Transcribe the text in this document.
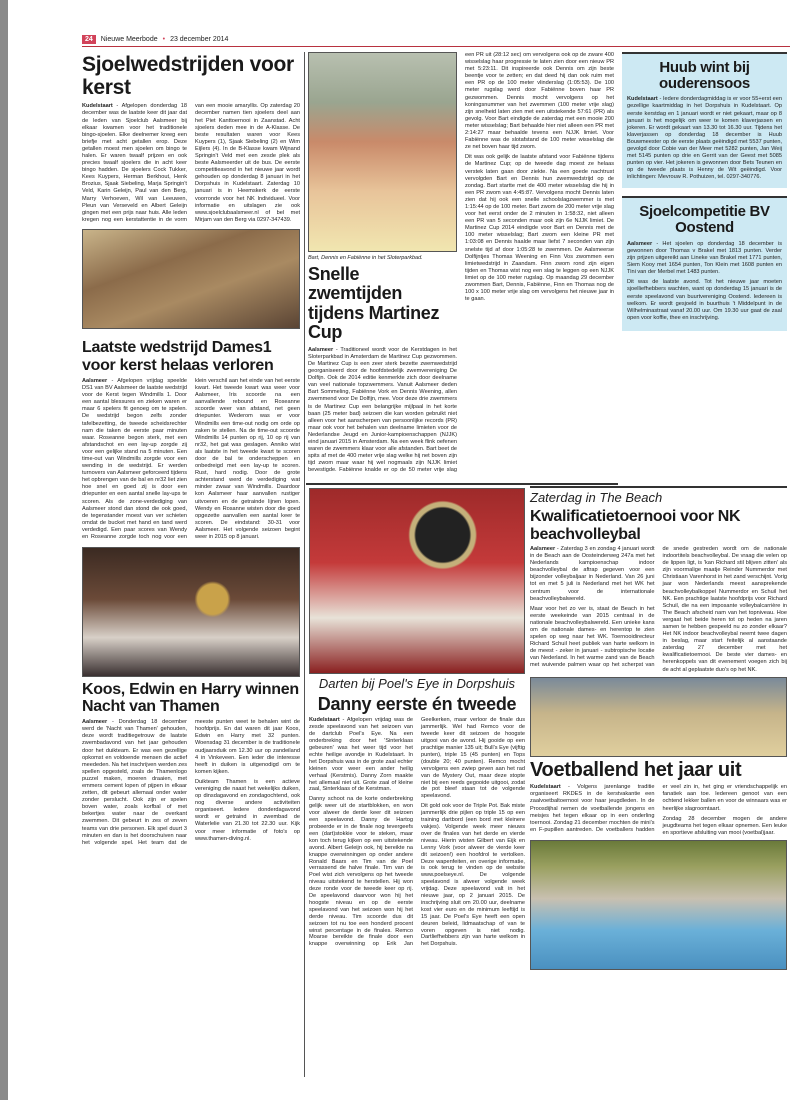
24	Nieuwe Meerbode • 23 december 2014
Sjoelwedstrijden voor kerst

Kudelstaart - Afgelopen donderdag 18 december was de laatste keer dit jaar dat de leden van Sjoelclub Aalsmeer bij elkaar kwamen voor het traditionele bingo-sjoelen. Elke deelnemer kreeg een briefje met acht getallen erop. Deze getallen moest men sjoelen om bingo te halen. Er waren twaalf prijzen en ook precies twaalf sjoelers die in acht keer bingo hadden. De sjoelers Cock Tukker, Kees Kuypers, Herman Berkhout, Henk Brozius, Sjaak Siebeling, Marja Springin't Veld, Karin Geleijn, Paul van den Berg, Marry Verhoeven, Wil van Leeuwen, Pleun van Verseveld en Albert Geleijn gingen met een prijs naar huis. Alle leden kregen nog een kerstattentie in de vorm van een mooie amaryllis. Op zaterdag 20 december namen tien sjoelers deel aan het Piet Kanttoernooi in Zaanstad. Acht sjoelers deden mee in de A-Klasse. De beste resultaten waren voor Kees Kuypers (1), Sjaak Siebeling (2) en Wim Eijlers (4). In de B-Klasse kwam Wijnand Springin't Veld met een zesde plek als beste Aalsmeerder uit de bus. De eerste competitieavond in het nieuwe jaar wordt gehouden op donderdag 8 januari in het Dorpshuis in Kudelstaart. Zaterdag 10 januari is in Heemskerk de eerste voorronde voor het NK Individueel. Voor informatie en uitslagen zie ook www.sjoelclubaalsmeer.nl of bel met Mirjam van den Berg via 0297-347439.

Laatste wedstrijd Dames1 voor kerst helaas verloren

Aalsmeer - Afgelopen vrijdag speelde DS1 van BV Aalsmeer de laatste wedstrijd voor de Kerst tegen Windmills 1. Door een aantal blessures en zieken waren er maar 6 spelers fit genoeg om te spelen. De wedstrijd begon zelfs zonder tafelbezetting, de tweede scheidsrechter nam die taken de eerste paar minuten waar. Roseanne begon sterk, met een afstandschot en een lay-up zorgde zij voor een gelijke stand na 5 minuten. Een time-out van Windmills zorgde voor een wending in de wedstrijd. Er werden turnovers van Aalsmeer geforceerd tijdens het opbrengen van de bal en nr32 liet zien hoe snel en goed zij is door een driepunter en een aantal snelle lay-ups te scoren. Als de zone-verdediging van Aalsmeer stond dan stond die ook goed, de tegenstander moest van ver schieten omdat de bucket met hand en tand werd verdedigd. Een paar scores van Wendy en Roseanne zorgde toch nog voor een klein verschil aan het einde van het eerste kwart. Het tweede kwart was weer voor Aalsmeer, Iris scoorde na een aanvallende rebound en Roseanne scoorde weer van afstand, net geen driepunter. Wederom was er voor Windmills een time-out nodig om orde op zaken te stellen. Na de time-out scoorde Windmills 14 punten op rij, 10 op rij van nr32, het gat was geslagen. Anniko wist als laatste in het tweede kwart te scoren door de bal te onderscheppen en onbedreigd met een lay-up te scoren. Rust, hard nodig. Door de grote achterstand werd de verdediging wat minder zwaar van Windmills. Daardoor kon Aalsmeer haar aanvallen rustiger uitvoeren en de getrainde lijnen lopen. Wendy en Rosanne wisten door die goed opgezette aanvallen een aantal keer te scoren. De eindstand: 30-31 voor Aalsmeer. Het volgende seizoen begint weer in 2015 op 8 januari.

Koos, Edwin en Harry winnen Nacht van Thamen

Aalsmeer - Donderdag 18 december werd de 'Nacht van Thamen' gehouden, deze wordt traditiegetrouw de laatste zwembadavond van het jaar gehouden door het duikteam. Er was een gezellige opkomst en voldoende mensen die actief meededen. Na het inschrijven werden zes spellen opgesteld, zoals de Thamenlogo puzzel maken, moeren draaien, met emmers cement lopen of pijpen in elkaar zetten, dit gebeurt allemaal onder water zonder perslucht. Ook zijn er spelen boven water, zoals korfbal of met bekertjes water naar de overkant zwemmen. Dit gebeurt in zes of zeven teams van drie personen. Elk spel duurt 3 minuten en dan is het doorschuiven naar het volgende spel. Het team dat de meeste punten weet te behalen wint de hoofdprijs. En dat waren dit jaar Koos, Edwin en Harry met 32 punten. Woensdag 31 december is de traditionele oudjaarsduik om 12.30 uur op zandeiland 4 in Vinkeveen. Een ieder die interesse heeft in duiken is uitgenodigd om te komen kijken.

Duikteam Thamen is een actieve vereniging die naast het wekelijks duiken, op dinsdagavond en zondagochtend, ook nog diverse andere activiteiten organiseert. Iedere donderdagavond wordt er getraind in zwembad de Waterlelie van 21.30 tot 22.30 uur. Kijk voor meer informatie of foto's op www.thamen-diving.nl.

Bart, Dennis en Fabiënne in het Sloterparkbad.
Snelle zwemtijden tijdens Martinez Cup

Aalsmeer - Traditioneel wordt voor de Kerstdagen in het Sloterparkbad in Amsterdam de Martinez Cup gezwommen. De Martinez Cup is een zeer sterk bezette zwemwedstrijd georganiseerd door de hoofdstedelijk zwemvereniging De Dolfijn. Ook de 2014 editie kenmerkte zich door deelname van veel nationale topzwemmers. Vanuit Aalsmeer deden Bart Sommeling, Fabiënne Vork en Dennis Weening, allen zwemmend voor De Dolfijn, mee. Voor deze drie zwemmers is de Martinez Cup een belangrijke mijlpaal in het korte baan (25 meter bad) seizoen die kan worden gebruikt niet alleen voor het aanscherpen van persoonlijke records (PR) maar ook voor het behalen van deelname limieten voor de Nederlandse Jeugd en Junior-kampioenschappen (NJJK) eind januari 2015 in Amsterdam. Na een week flink oefenen waren de zwemmers klaar voor alle afstanden. Bart beet de spits af met de 400 meter vrije slag welke hij net boven zijn tijd zwom maar waar hij wel nogmaals zijn NJJK limiet bevestigde. Fabiënne knalde er op de 50 meter vrije slag een PR uit (28:12 sec) om vervolgens ook op de zware 400 wisselslag haar progressie te laten zien door een nieuw PR met 5:23:11. Dit inspireerde ook Dennis om zijn beste beentje voor te zetten; en dat deed hij dan ook ruim met een PR op de 100 meter vlinderslag (1:05:53). De 100 meter rugslag werd door Fabiënne boven haar PR gezwommen. Dennis mocht vervolgens op het koningsnummer van het zwemmen (100 meter vrije slag) zijn snelheid laten zien met een uitstekende 57:61 (PR) als gevolg. Voor Bart eindigde de zaterdag met een mooie 200 meter wisselslag; Bart behaalde hier niet alleen een PR met 2:14:27 maar behaalde tevens een NJJK limiet. Voor Fabiënne was de slotafstand de 100 meter wisselslag die ze net boven haar tijd zwom.

Dit was ook gelijk de laatste afstand voor Fabiënne tijdens de Martinez Cup; op de tweede dag moest ze helaas verstek laten gaan door ziekte. Na een goede nachtrust vervolgden Bart en Dennis hun zwemwedstrijd op de zondag. Bart startte met de 400 meter wisselslag die hij in een PR zwom van 4:45:87. Vervolgens mocht Dennis laten zien dat hij ook een snelle schoolslagzwemmer is met 1:15:44 op de 100 meter. Bart zwom de 200 meter vrije slag voor het eerst onder de 2 minuten in 1:58:32, niet alleen een PR van 5 seconden maar ook zijn 6e NJJK limiet. De Martinez Cup 2014 eindigde voor Bart en Dennis met de 100 meter wisselslag; Bart zwom een kleine PR met 1:03:08 en Dennis haalde maar liefst 7 seconden van zijn snelste tijd af door 1:05:28 te zwemmen. De Aalsmeerse Dolfijntjes Thomas Weening en Finn Vos zwommen een limietwedstrijd in Zaandam. Finn zwom rond zijn eigen tijden en Thomas wist nog een slag te leggen op een NJJK limiet op de 100 meter rugslag. Op maandag 29 december zwommen Bart, Dennis, Fabiënne, Finn en Thomas nog de 100 x 100 meter vrije slag om vervolgens het nieuwe jaar in te gaan.

Darten bij Poel's Eye in Dorpshuis
Danny eerste én tweede

Kudelstaart - Afgelopen vrijdag was de zesde speelavond van het seizoen van de dartclub Poel's Eye. Na een onderbreking door het 'Sinterklaas gebeuren' was het weer tijd voor het echte heilige avondje in Kudelstaart. In het Dorpshuis was in de grote zaal echter kleinen voor weer een ander heilig verhaal (Kerstmis). Danny Zorn maakte het allemaal niet uit. Grote zaal of kleine zaal, Sinterklaas of de Kerstman.

Danny schoot na de korte onderbreking gelijk weer uit de startblokken, en won voor alweer de derde keer dit seizoen een speelavond. Danny de Hartog probeerde er in de finale nog tevergeefs een (dart)stokkie voor te steken, maar kon toch terug kijken op een uitstekende avond. Albert Geleijn ook, hij bereikte na knappe overwinningen op onder andere Ronald Baars en Tim van de Poel verrassend de halve finale. Tim van de Poel wist zich vervolgens op het tweede niveau uitstekend te herstellen. Hij won deze ronde voor de tweede keer op rij. De speelavond daarvoor won hij het hoogste niveau en op de eerste speelavond van het seizoen won hij het derde niveau. Tim scoorde dus dit seizoen tot nu toe een honderd procent winst percentage in de finales. Remco Moarse bereikte de finale door een knappe overwinning op Erik Jan Geelkerken, maar verloor de finale dus jammerlijk. Wel had Remco voor de tweede keer dit seizoen de hoogste uitgooi van de avond. Hij gooide op een prachtige manier 135 uit; Bull's Eye (vijftig punten), triple 15 (45 punten) en Tops (double 20; 40 punten). Remco mocht vervolgens een zwiep geven aan het rad van de Mystery Out, maar deze stopte niet bij een reeds gegooide uitgooi, zodat de pot bleef staan tot de volgende speelavond.

Dit gold ook voor de Triple Pot. Bak miste jammerlijk drie pijlen op triple 15 op een training dartbord (een bord met kleinere vakjes). Volgende week meer nieuws over de finales van het derde en vierde niveau. Hierin wisten Gilbert van Eijk en Lenny Vork (voor alweer de vierde keer dit seizoen!) een hoofdrol te vertolken. Deze wapenfeiten, en overige informatie, is ook terug te vinden op de website www.poelseye.nl. De volgende speelavond is alweer volgende week vrijdag. Deze speelavond valt in het nieuwe jaar, op 2 januari 2015. De inschrijving sluit om 20.00 uur, deelname kost vier euro en de minimum leeftijd is 15 jaar. De Poel's Eye heeft een open deuren beleid, lidmaatschap of van te voren opgeven is niet nodig. Dartliefhebbers zijn van harte welkom in het Dorpshuis.

Huub wint bij ouderensoos
Kudelstaart - Iedere donderdagmiddag is er voor 55+erst een gezellige kaartmiddag in het Dorpshuis in Kudelstaart. Op eerste kerstdag en 1 januari wordt er niet gekaart, maar op 8 januari is het mogelijk om weer te komen klaverjassen en jokeren. Er wordt gekaart van 13.30 tot 16.30 uur. Tijdens het klaverjassen op donderdag 18 december is Huub Bouwmeester op de eerste plaats geëindigd met 5537 punten, gevolgd door Cobie van der Meer met 5282 punten, Jan Weij met 5145 punten op drie en Gerrit van der Geest met 5085 punten op vier. Het jokeren is gewonnen door Bets Teunen en op de tweede plaats is Henny de Wit geëindigd. Voor inlichtingen: Mevrouw R. Pothuizen, tel. 0297-340776.
Sjoelcompetitie BV Oostend

Aalsmeer - Het sjoelen op donderdag 18 december is gewonnen door Thomas v Brakel met 1813 punten. Verder zijn prijzen uitgereikt aan Lineke van Brakel met 1771 punten, Siem Kooy met 1654 punten, Ton Klein met 1608 punten en Tini van der Merbel met 1483 punten.

Dit was de laatste avond. Tot het nieuwe jaar moeten sjoelliefhebbers wachten, want op donderdag 15 januari is de eerste speelavond van buurtvereniging Oostend. Iedereen is welkom. Er wordt gesjoeld in buurthuis 't Middelpunt in de Wilhelminastraat vanaf 20.00 uur. Om 19.30 uur gaat de zaal open voor koffie, thee en inschrijving.

Zaterdag in The Beach
Kwalificatietoernooi voor NK beachvolleybal

Aalsmeer - Zaterdag 3 en zondag 4 januari wordt in de Beach aan de Oosteinderweg 247a met het Nederlands kampioenschap indoor beachvolleybal de aftrap gegeven voor een bijzonder volleybaljaar in Nederland. Van 26 juni tot en met 5 juli is Nederland met het WK het centrum voor de internationale beachvolleybalwereld.

Maar voor het zo ver is, staat de Beach in het eerste weekeinde van 2015 centraal in de nationale beachvolleybalwereld. Een unieke kans om de nationale dames- en herentop te zien spelen op weg naar het WK. Toernooidirecteur Richard Schuil heet publiek van harte welkom in de meest - zeker in januari - subtropische locatie van Nederland. In het warme zand van de Beach met wuivende palmen waar op het scherpst van de snede gestreden wordt om de nationale indoortitels beachvolleybal. De vraag die velen op de lippen ligt, is 'kan Richard stil blijven zitten' als zijn voormalige maatje Reinder Nummerdor met Christiaan Varenhorst in het zand verschijnt. Vorig jaar won Nederlands meest aansprekende beachvolleybalkoppel Nummerdor en Schuil het NK. Een prachtige laatste hoofdprijs voor Richard Schuil, die na een imposante volleybalcarrière in The Beach afscheid nam van het topniveau. Hoe vergaat het beide heren tot op heden na jaren samen te hebben gespeeld nu zo zonder elkaar? Het NK indoor beachvolleybal neemt twee dagen in beslag, maar start feitelijk al aanstaande zaterdag 27 december met het kwalificatietoernooi. De beste vier dames- en herenkoppels van dit evenement voegen zich bij de acht al geplaatste duo's op het NK.

Voetballend het jaar uit

Kudelstaart - Volgens jarenlange traditie organiseert RKDES in de kerstvakantie een zaalvoetbaltoernooi voor haar jeugdleden. In de Proosdijhal nemen de voetballende jongens en meisjes het tegen elkaar op in een onderling toernooi. Zondag 21 december mochten de mini's en F-pupillen aantreden. De voetballers hadden er veel zin in, het ging er vriendschappelijk en fanatiek aan toe. Iedereen genoot van een ochtend lekker ballen en voor de winnaars was er heerlijke slagroomtaart.

Zondag 28 december mogen de andere jeugdteams het tegen elkaar opnemen. Een leuke en sportieve afsluiting van mooi (voetbal)jaar.
